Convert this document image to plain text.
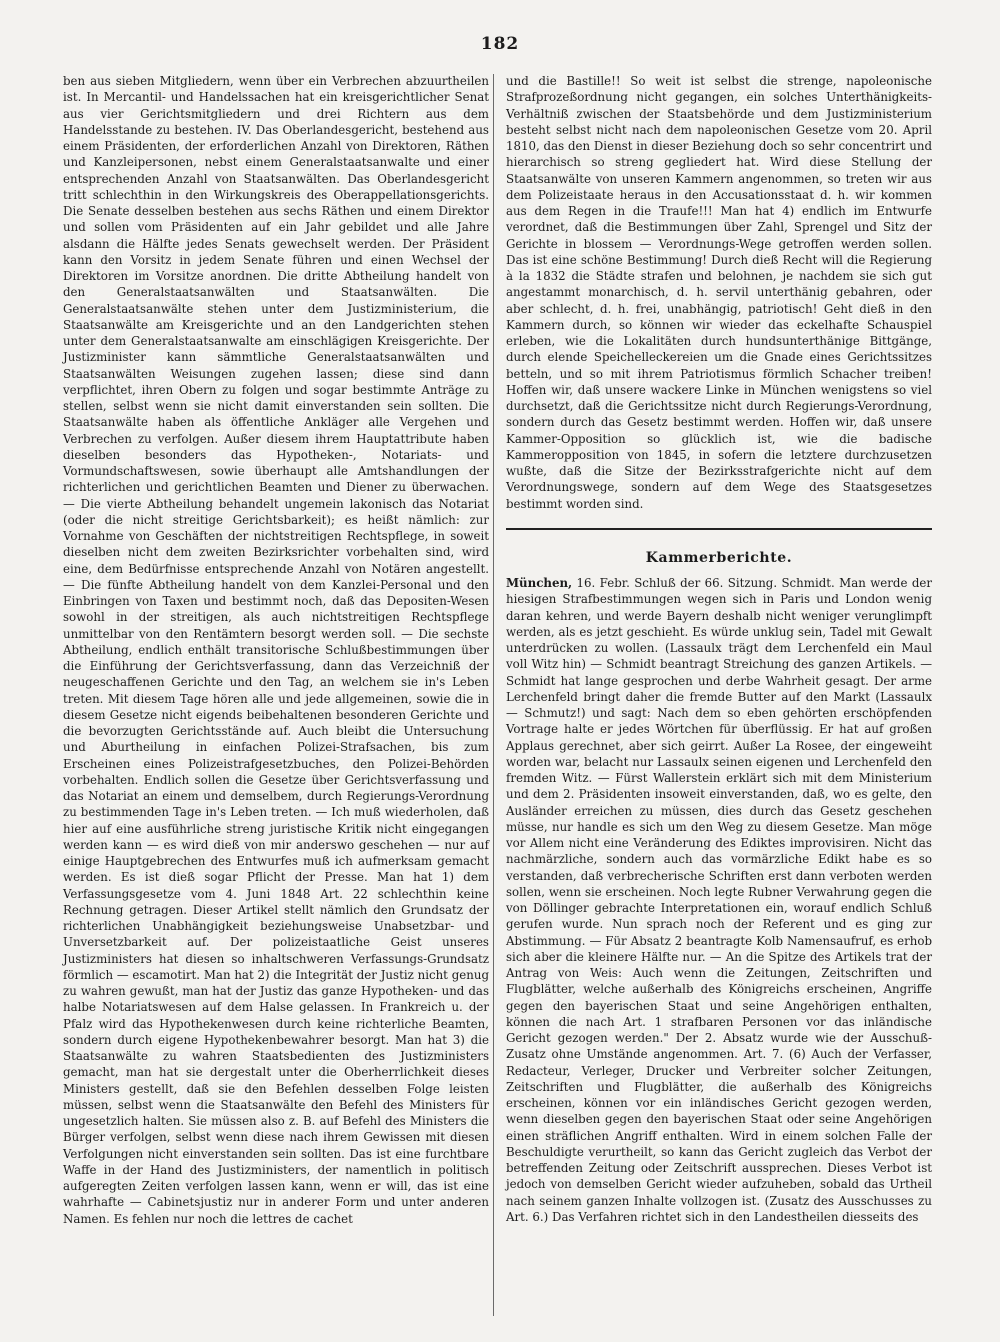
182

ben aus sieben Mitgliedern, wenn über ein Verbrechen abzuurtheilen ist. In Mercantil- und Handelssachen hat ein kreisgerichtlicher Senat aus vier Gerichtsmitgliedern und drei Richtern aus dem Handelsstande zu bestehen. IV. Das Oberlandesgericht, bestehend aus einem Präsidenten, der erforderlichen Anzahl von Direktoren, Räthen und Kanzleipersonen, nebst einem Generalstaatsanwalte und einer entsprechenden Anzahl von Staatsanwälten. Das Oberlandesgericht tritt schlechthin in den Wirkungskreis des Oberappellationsgerichts. Die Senate desselben bestehen aus sechs Räthen und einem Direktor und sollen vom Präsidenten auf ein Jahr gebildet und alle Jahre alsdann die Hälfte jedes Senats gewechselt werden. Der Präsident kann den Vorsitz in jedem Senate führen und einen Wechsel der Direktoren im Vorsitze anordnen. Die dritte Abtheilung handelt von den Generalstaatsanwälten und Staatsanwälten. Die Generalstaatsanwälte stehen unter dem Justizministerium, die Staatsanwälte am Kreisgerichte und an den Landgerichten stehen unter dem Generalstaatsanwalte am einschlägigen Kreisgerichte. Der Justizminister kann sämmtliche Generalstaatsanwälten und Staatsanwälten Weisungen zugehen lassen; diese sind dann verpflichtet, ihren Obern zu folgen und sogar bestimmte Anträge zu stellen, selbst wenn sie nicht damit einverstanden sein sollten. Die Staatsanwälte haben als öffentliche Ankläger alle Vergehen und Verbrechen zu verfolgen. Außer diesem ihrem Hauptattribute haben dieselben besonders das Hypotheken-, Notariats- und Vormundschaftswesen, sowie überhaupt alle Amtshandlungen der richterlichen und gerichtlichen Beamten und Diener zu überwachen. — Die vierte Abtheilung behandelt ungemein lakonisch das Notariat (oder die nicht streitige Gerichtsbarkeit); es heißt nämlich: zur Vornahme von Geschäften der nichtstreitigen Rechtspflege, in soweit dieselben nicht dem zweiten Bezirksrichter vorbehalten sind, wird eine, dem Bedürfnisse entsprechende Anzahl von Notären angestellt. — Die fünfte Abtheilung handelt von dem Kanzlei-Personal und den Einbringen von Taxen und bestimmt noch, daß das Depositen-Wesen sowohl in der streitigen, als auch nichtstreitigen Rechtspflege unmittelbar von den Rentämtern besorgt werden soll. — Die sechste Abtheilung, endlich enthält transitorische Schlußbestimmungen über die Einführung der Gerichtsverfassung, dann das Verzeichniß der neugeschaffenen Gerichte und den Tag, an welchem sie in's Leben treten. Mit diesem Tage hören alle und jede allgemeinen, sowie die in diesem Gesetze nicht eigends beibehaltenen besonderen Gerichte und die bevorzugten Gerichtsstände auf. Auch bleibt die Untersuchung und Aburtheilung in einfachen Polizei-Strafsachen, bis zum Erscheinen eines Polizeistrafgesetzbuches, den Polizei-Behörden vorbehalten. Endlich sollen die Gesetze über Gerichtsverfassung und das Notariat an einem und demselbem, durch Regierungs-Verordnung zu bestimmenden Tage in's Leben treten. — Ich muß wiederholen, daß hier auf eine ausführliche streng juristische Kritik nicht eingegangen werden kann — es wird dieß von mir anderswo geschehen — nur auf einige Hauptgebrechen des Entwurfes muß ich aufmerksam gemacht werden. Es ist dieß sogar Pflicht der Presse. Man hat 1) dem Verfassungsgesetze vom 4. Juni 1848 Art. 22 schlechthin keine Rechnung getragen. Dieser Artikel stellt nämlich den Grundsatz der richterlichen Unabhängigkeit beziehungsweise Unabsetzbar- und Unversetzbarkeit auf. Der polizeistaatliche Geist unseres Justizministers hat diesen so inhaltschweren Verfassungs-Grundsatz förmlich — escamotirt. Man hat 2) die Integrität der Justiz nicht genug zu wahren gewußt, man hat der Justiz das ganze Hypotheken- und das halbe Notariatswesen auf dem Halse gelassen. In Frankreich u. der Pfalz wird das Hypothekenwesen durch keine richterliche Beamten, sondern durch eigene Hypothekenbewahrer besorgt. Man hat 3) die Staatsanwälte zu wahren Staatsbedienten des Justizministers gemacht, man hat sie dergestalt unter die Oberherrlichkeit dieses Ministers gestellt, daß sie den Befehlen desselben Folge leisten müssen, selbst wenn die Staatsanwälte den Befehl des Ministers für ungesetzlich halten. Sie müssen also z. B. auf Befehl des Ministers die Bürger verfolgen, selbst wenn diese nach ihrem Gewissen mit diesen Verfolgungen nicht einverstanden sein sollten. Das ist eine furchtbare Waffe in der Hand des Justizministers, der namentlich in politisch aufgeregten Zeiten verfolgen lassen kann, wenn er will, das ist eine wahrhafte — Cabinetsjustiz nur in anderer Form und unter anderen Namen. Es fehlen nur noch die lettres de cachet

und die Bastille!! So weit ist selbst die strenge, napoleonische Strafprozeßordnung nicht gegangen, ein solches Unterthänigkeits-Verhältniß zwischen der Staatsbehörde und dem Justizministerium besteht selbst nicht nach dem napoleonischen Gesetze vom 20. April 1810, das den Dienst in dieser Beziehung doch so sehr concentrirt und hierarchisch so streng gegliedert hat. Wird diese Stellung der Staatsanwälte von unseren Kammern angenommen, so treten wir aus dem Polizeistaate heraus in den Accusationsstaat d. h. wir kommen aus dem Regen in die Traufe!!! Man hat 4) endlich im Entwurfe verordnet, daß die Bestimmungen über Zahl, Sprengel und Sitz der Gerichte in blossem — Verordnungs-Wege getroffen werden sollen. Das ist eine schöne Bestimmung! Durch dieß Recht will die Regierung à la 1832 die Städte strafen und belohnen, je nachdem sie sich gut angestammt monarchisch, d. h. servil unterthänig gebahren, oder aber schlecht, d. h. frei, unabhängig, patriotisch! Geht dieß in den Kammern durch, so können wir wieder das eckelhafte Schauspiel erleben, wie die Lokalitäten durch hundsunterthänige Bittgänge, durch elende Speichelleckereien um die Gnade eines Gerichtssitzes betteln, und so mit ihrem Patriotismus förmlich Schacher treiben! Hoffen wir, daß unsere wackere Linke in München wenigstens so viel durchsetzt, daß die Gerichtssitze nicht durch Regierungs-Verordnung, sondern durch das Gesetz bestimmt werden. Hoffen wir, daß unsere Kammer-Opposition so glücklich ist, wie die badische Kammeropposition von 1845, in sofern die letztere durchzusetzen wußte, daß die Sitze der Bezirksstrafgerichte nicht auf dem Verordnungswege, sondern auf dem Wege des Staatsgesetzes bestimmt worden sind.

Kammerberichte.

München, 16. Febr. Schluß der 66. Sitzung. Schmidt. Man werde der hiesigen Strafbestimmungen wegen sich in Paris und London wenig daran kehren, und werde Bayern deshalb nicht weniger verunglimpft werden, als es jetzt geschieht. Es würde unklug sein, Tadel mit Gewalt unterdrücken zu wollen. (Lassaulx trägt dem Lerchenfeld ein Maul voll Witz hin) — Schmidt beantragt Streichung des ganzen Artikels. — Schmidt hat lange gesprochen und derbe Wahrheit gesagt. Der arme Lerchenfeld bringt daher die fremde Butter auf den Markt (Lassaulx — Schmutz!) und sagt: Nach dem so eben gehörten erschöpfenden Vortrage halte er jedes Wörtchen für überflüssig. Er hat auf großen Applaus gerechnet, aber sich geirrt. Außer La Rosee, der eingeweiht worden war, belacht nur Lassaulx seinen eigenen und Lerchenfeld den fremden Witz. — Fürst Wallerstein erklärt sich mit dem Ministerium und dem 2. Präsidenten insoweit einverstanden, daß, wo es gelte, den Ausländer erreichen zu müssen, dies durch das Gesetz geschehen müsse, nur handle es sich um den Weg zu diesem Gesetze. Man möge vor Allem nicht eine Veränderung des Ediktes improvisiren. Nicht das nachmärzliche, sondern auch das vormärzliche Edikt habe es so verstanden, daß verbrecherische Schriften erst dann verboten werden sollen, wenn sie erscheinen. Noch legte Rubner Verwahrung gegen die von Döllinger gebrachte Interpretationen ein, worauf endlich Schluß gerufen wurde. Nun sprach noch der Referent und es ging zur Abstimmung. — Für Absatz 2 beantragte Kolb Namensaufruf, es erhob sich aber die kleinere Hälfte nur. — An die Spitze des Artikels trat der Antrag von Weis: Auch wenn die Zeitungen, Zeitschriften und Flugblätter, welche außerhalb des Königreichs erscheinen, Angriffe gegen den bayerischen Staat und seine Angehörigen enthalten, können die nach Art. 1 strafbaren Personen vor das inländische Gericht gezogen werden." Der 2. Absatz wurde wie der Ausschuß-Zusatz ohne Umstände angenommen. Art. 7. (6) Auch der Verfasser, Redacteur, Verleger, Drucker und Verbreiter solcher Zeitungen, Zeitschriften und Flugblätter, die außerhalb des Königreichs erscheinen, können vor ein inländisches Gericht gezogen werden, wenn dieselben gegen den bayerischen Staat oder seine Angehörigen einen sträflichen Angriff enthalten. Wird in einem solchen Falle der Beschuldigte verurtheilt, so kann das Gericht zugleich das Verbot der betreffenden Zeitung oder Zeitschrift aussprechen. Dieses Verbot ist jedoch von demselben Gericht wieder aufzuheben, sobald das Urtheil nach seinem ganzen Inhalte vollzogen ist. (Zusatz des Ausschusses zu Art. 6.) Das Verfahren richtet sich in den Landestheilen diesseits des
